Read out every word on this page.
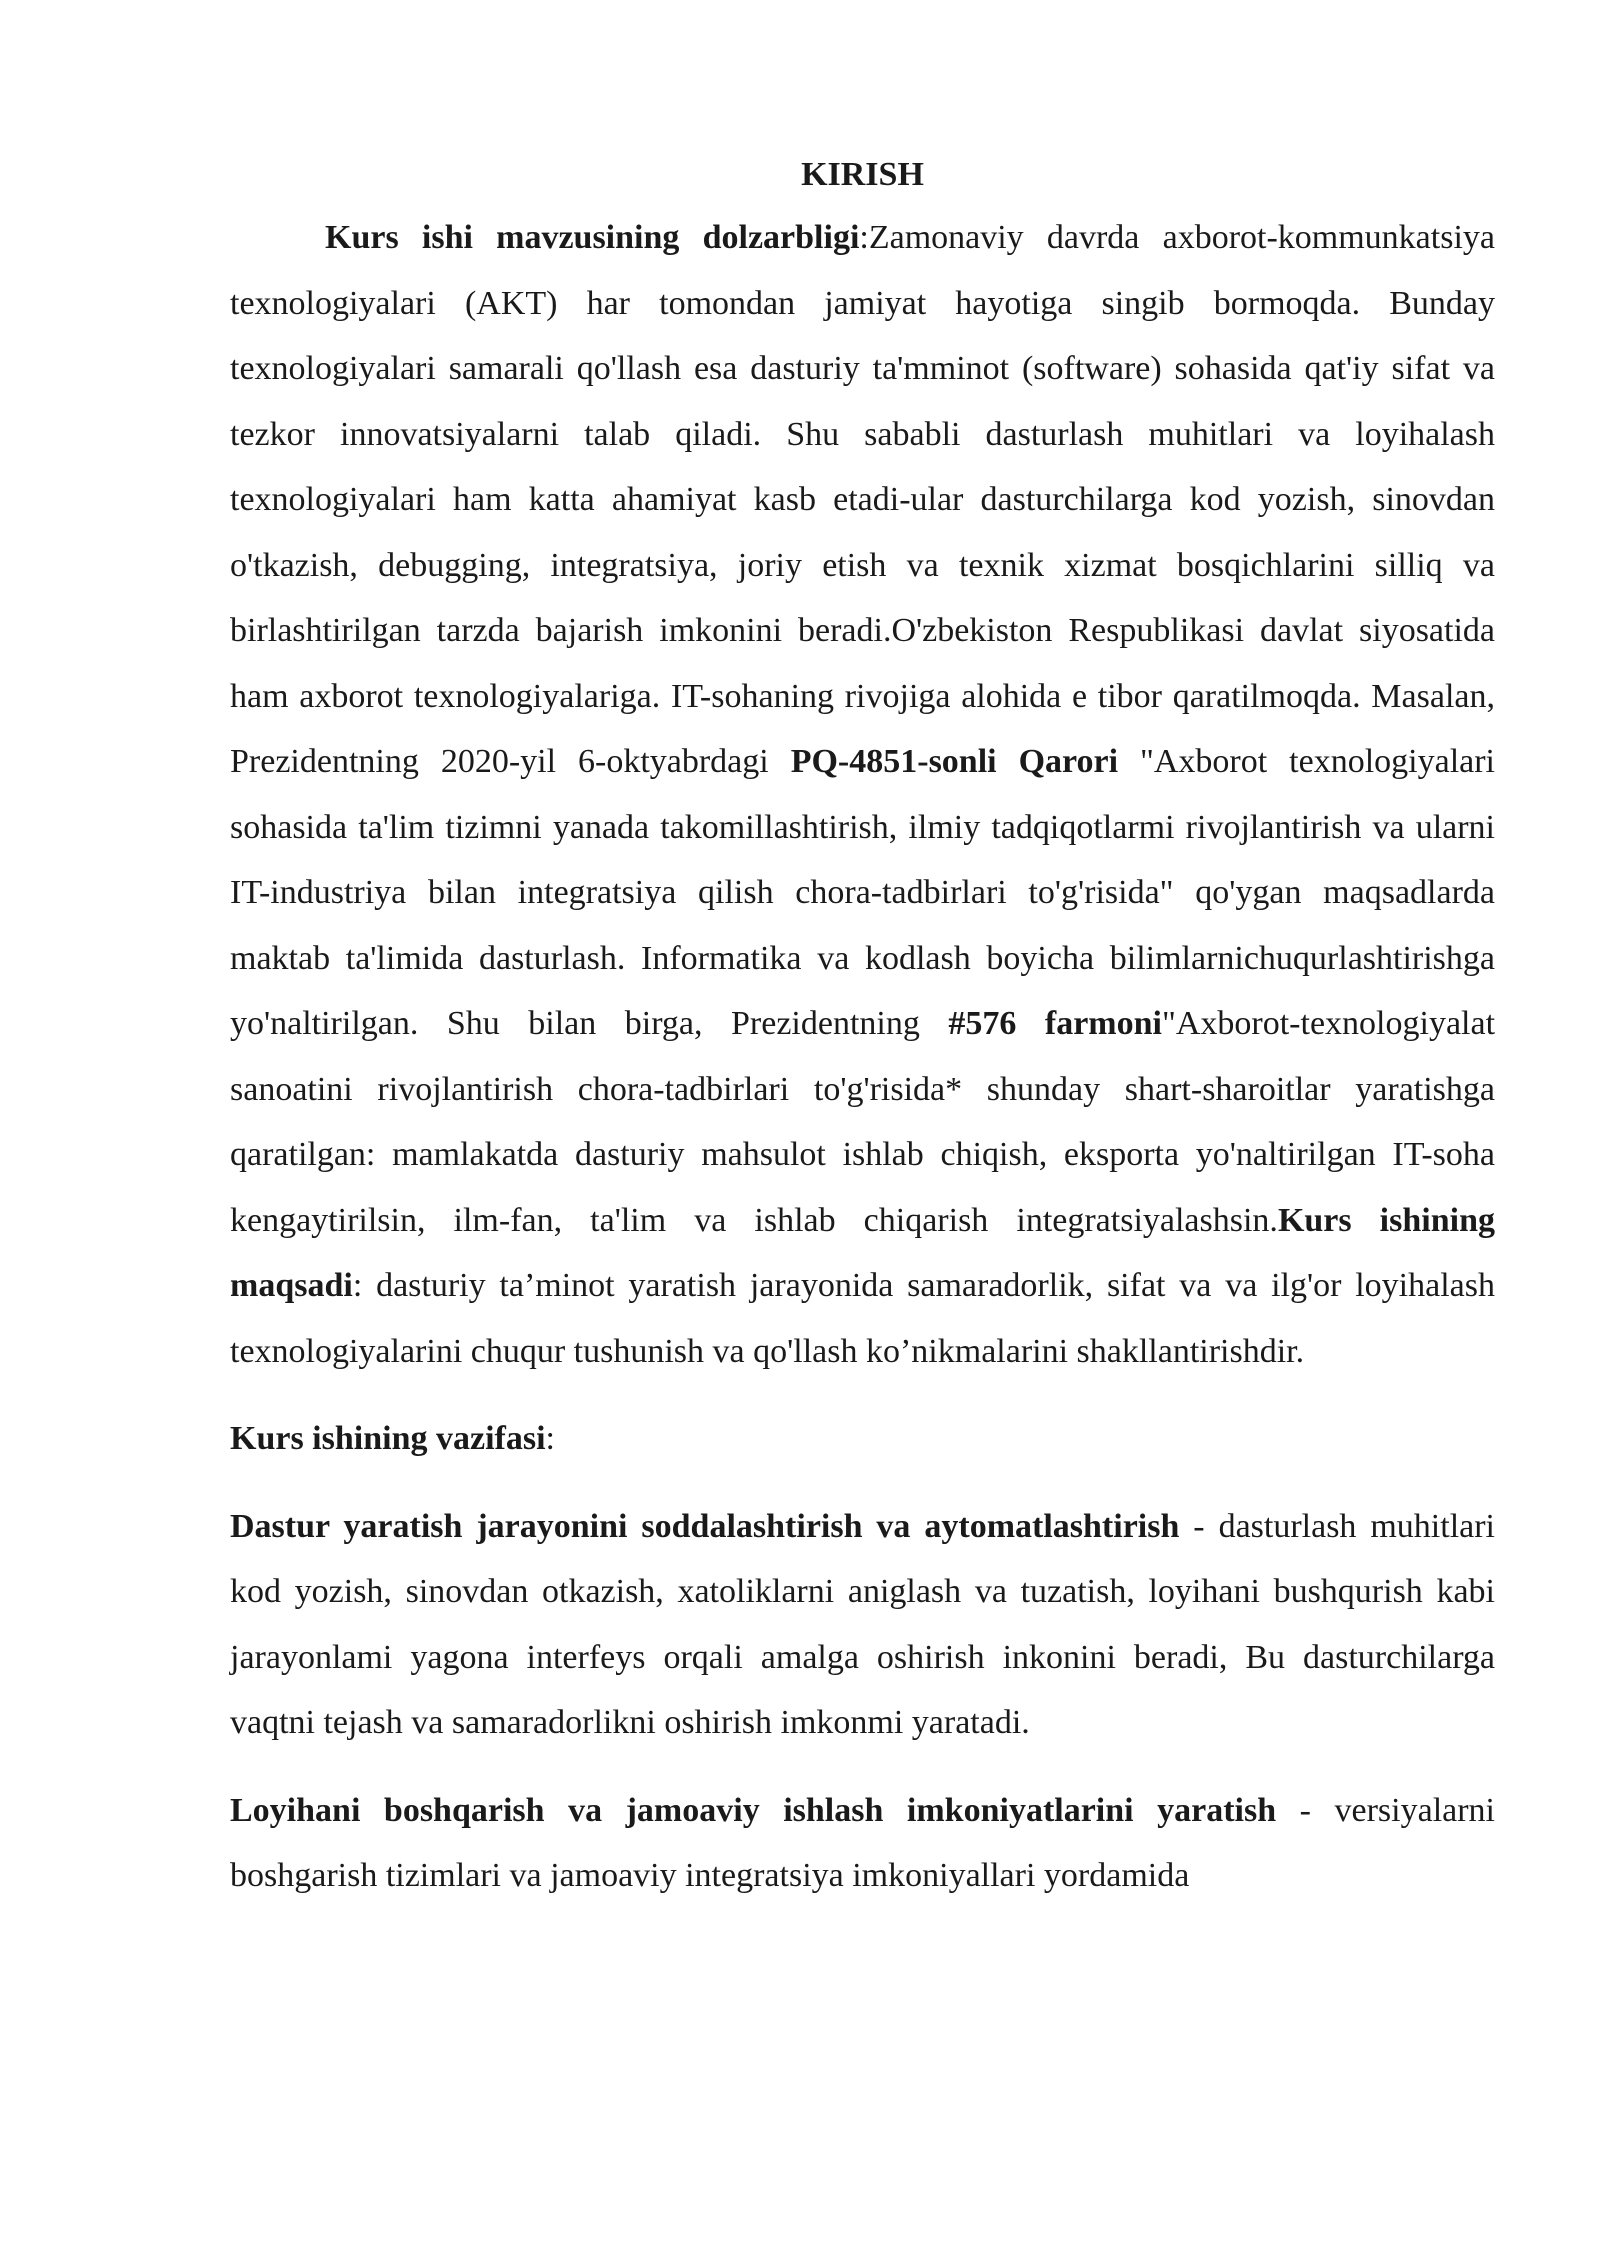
KIRISH

Kurs ishi mavzusining dolzarbligi:Zamonaviy davrda axborot-kommunkatsiya texnologiyalari (AKT) har tomondan jamiyat hayotiga singib bormoqda. Bunday texnologiyalari samarali qo'llash esa dasturiy ta'mminot (software) sohasida qat'iy sifat va tezkor innovatsiyalarni talab qiladi. Shu sababli dasturlash muhitlari va loyihalash texnologiyalari ham katta ahamiyat kasb etadi-ular dasturchilarga kod yozish, sinovdan o'tkazish, debugging, integratsiya, joriy etish va texnik xizmat bosqichlarini silliq va birlashtirilgan tarzda bajarish imkonini beradi.O'zbekiston Respublikasi davlat siyosatida ham axborot texnologiyalariga. IT-sohaning rivojiga alohida e tibor qaratilmoqda. Masalan, Prezidentning 2020-yil 6-oktyabrdagi PQ-4851-sonli Qarori "Axborot texnologiyalari sohasida ta'lim tizimni yanada takomillashtirish, ilmiy tadqiqotlarmi rivojlantirish va ularni IT-industriya bilan integratsiya qilish chora-tadbirlari to'g'risida" qo'ygan maqsadlarda maktab ta'limida dasturlash. Informatika va kodlash boyicha bilimlarnichuqurlashtirishga yo'naltirilgan. Shu bilan birga, Prezidentning #576 farmoni"Axborot-texnologiyalat sanoatini rivojlantirish chora-tadbirlari to'g'risida* shunday shart-sharoitlar yaratishga qaratilgan: mamlakatda dasturiy mahsulot ishlab chiqish, eksporta yo'naltirilgan IT-soha kengaytirilsin, ilm-fan, ta'lim va ishlab chiqarish integratsiyalashsin.Kurs ishining maqsadi: dasturiy ta’minot yaratish jarayonida samaradorlik, sifat va va ilg'or loyihalash texnologiyalarini chuqur tushunish va qo'llash ko’nikmalarini shakllantirishdir.

Kurs ishining vazifasi:

Dastur yaratish jarayonini soddalashtirish va aytomatlashtirish - dasturlash muhitlari kod yozish, sinovdan otkazish, xatoliklarni aniglash va tuzatish, loyihani bushqurish kabi jarayonlami yagona interfeys orqali amalga oshirish inkonini beradi, Bu dasturchilarga vaqtni tejash va samaradorlikni oshirish imkonmi yaratadi.

Loyihani boshqarish va jamoaviy ishlash imkoniyatlarini yaratish - versiyalarni boshgarish tizimlari va jamoaviy integratsiya imkoniyallari yordamida
